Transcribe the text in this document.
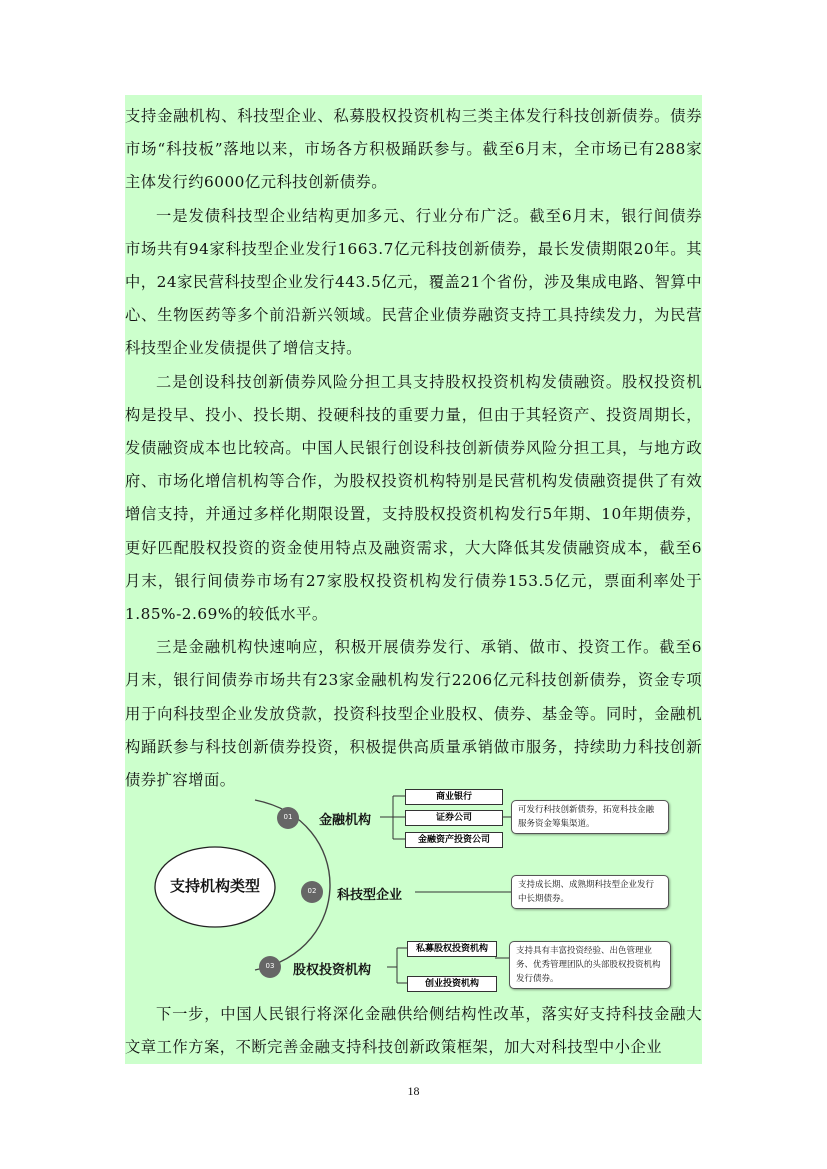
支持金融机构、科技型企业、私募股权投资机构三类主体发行科技创新债券。债券市场“科技板”落地以来，市场各方积极踊跃参与。截至6月末，全市场已有288家主体发行约6000亿元科技创新债券。

一是发债科技型企业结构更加多元、行业分布广泛。截至6月末，银行间债券市场共有94家科技型企业发行1663.7亿元科技创新债券，最长发债期限20年。其中，24家民营科技型企业发行443.5亿元，覆盖21个省份，涉及集成电路、智算中心、生物医药等多个前沿新兴领域。民营企业债券融资支持工具持续发力，为民营科技型企业发债提供了增信支持。

二是创设科技创新债券风险分担工具支持股权投资机构发债融资。股权投资机构是投早、投小、投长期、投硬科技的重要力量，但由于其轻资产、投资周期长，发债融资成本也比较高。中国人民银行创设科技创新债券风险分担工具，与地方政府、市场化增信机构等合作，为股权投资机构特别是民营机构发债融资提供了有效增信支持，并通过多样化期限设置，支持股权投资机构发行5年期、10年期债券，更好匹配股权投资的资金使用特点及融资需求，大大降低其发债融资成本，截至6月末，银行间债券市场有27家股权投资机构发行债券153.5亿元，票面利率处于1.85%-2.69%的较低水平。

三是金融机构快速响应，积极开展债券发行、承销、做市、投资工作。截至6月末，银行间债券市场共有23家金融机构发行2206亿元科技创新债券，资金专项用于向科技型企业发放贷款，投资科技型企业股权、债券、基金等。同时，金融机构踊跃参与科技创新债券投资，积极提供高质量承销做市服务，持续助力科技创新债券扩容增面。

支持机构类型
01
02
03
金融机构
科技型企业
股权投资机构
商业银行
证券公司
金融资产投资公司
私募股权投资机构
创业投资机构
可发行科技创新债券，拓宽科技金融服务资金筹集渠道。
支持成长期、成熟期科技型企业发行中长期债券。
支持具有丰富投资经验、出色管理业务、优秀管理团队的头部股权投资机构发行债券。

下一步，中国人民银行将深化金融供给侧结构性改革，落实好支持科技金融大文章工作方案，不断完善金融支持科技创新政策框架，加大对科技型中小企业

18
